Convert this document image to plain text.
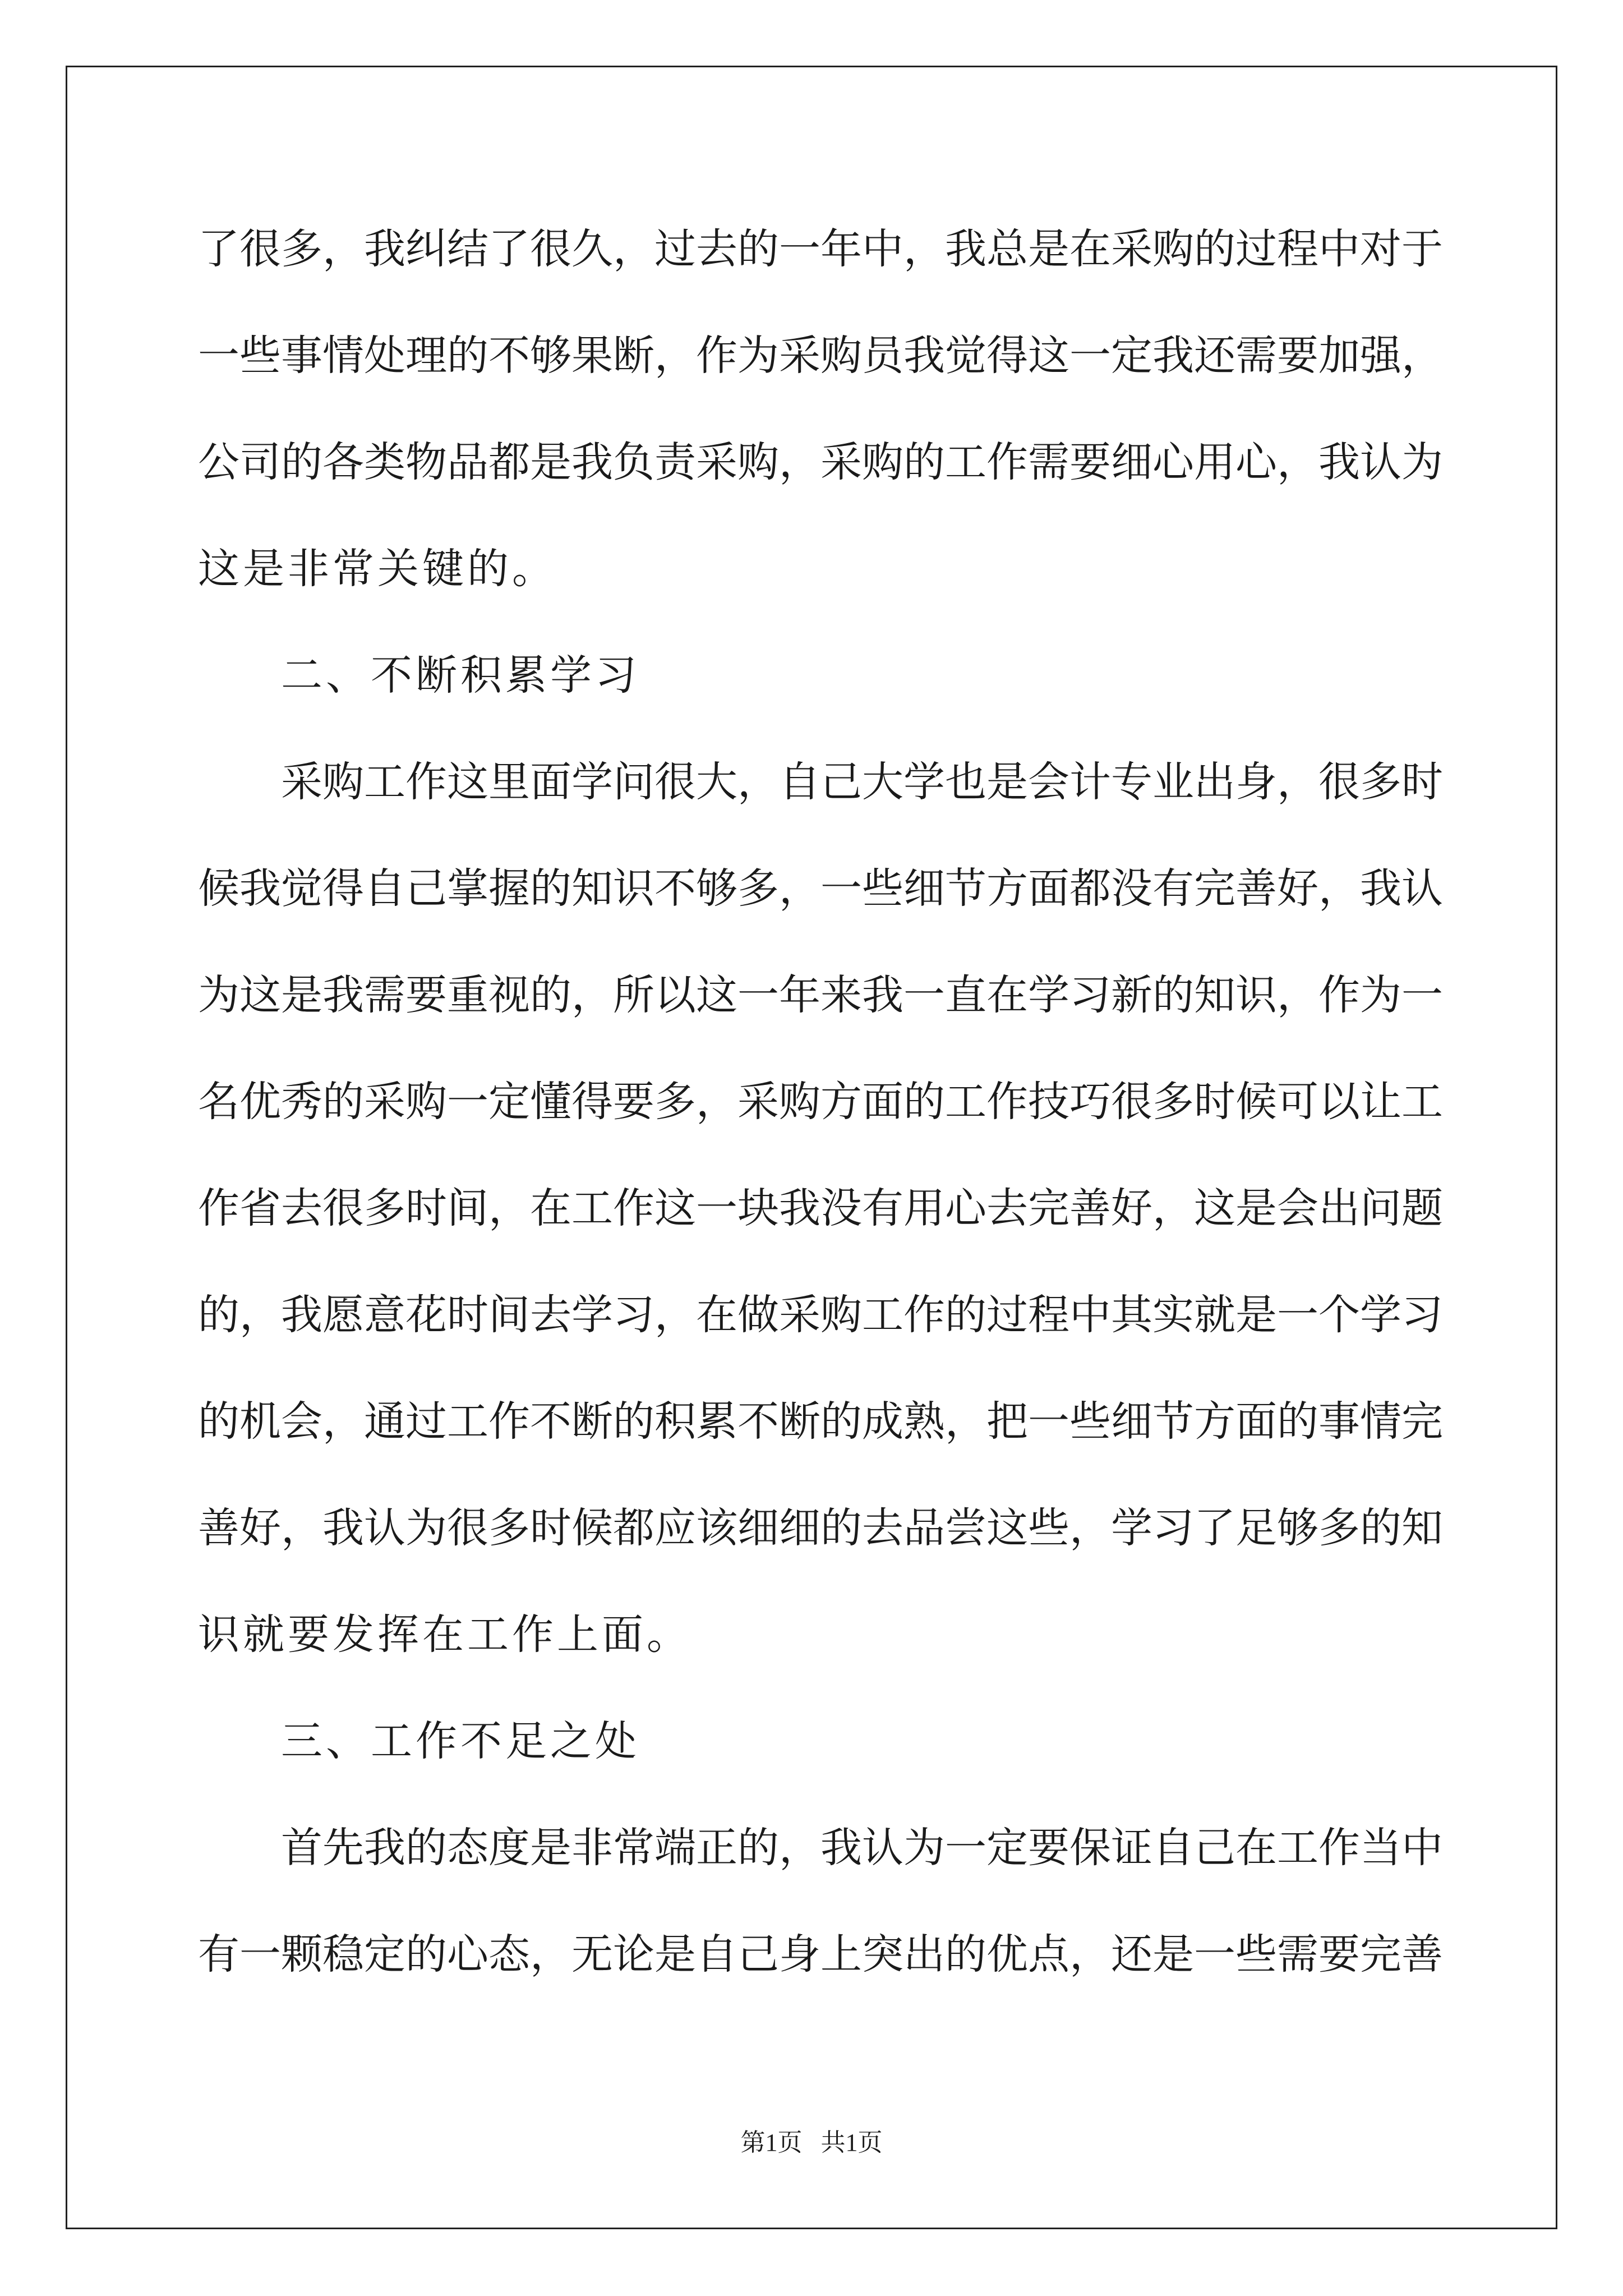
了很多，我纠结了很久，过去的一年中，我总是在采购的过程中对于
一些事情处理的不够果断，作为采购员我觉得这一定我还需要加强，
公司的各类物品都是我负责采购，采购的工作需要细心用心，我认为
这是非常关键的。
二、不断积累学习
采购工作这里面学问很大，自己大学也是会计专业出身，很多时
候我觉得自己掌握的知识不够多，一些细节方面都没有完善好，我认
为这是我需要重视的，所以这一年来我一直在学习新的知识，作为一
名优秀的采购一定懂得要多，采购方面的工作技巧很多时候可以让工
作省去很多时间，在工作这一块我没有用心去完善好，这是会出问题
的，我愿意花时间去学习，在做采购工作的过程中其实就是一个学习
的机会，通过工作不断的积累不断的成熟，把一些细节方面的事情完
善好，我认为很多时候都应该细细的去品尝这些，学习了足够多的知
识就要发挥在工作上面。
三、工作不足之处
首先我的态度是非常端正的，我认为一定要保证自己在工作当中
有一颗稳定的心态，无论是自己身上突出的优点，还是一些需要完善
第1页   共1页
